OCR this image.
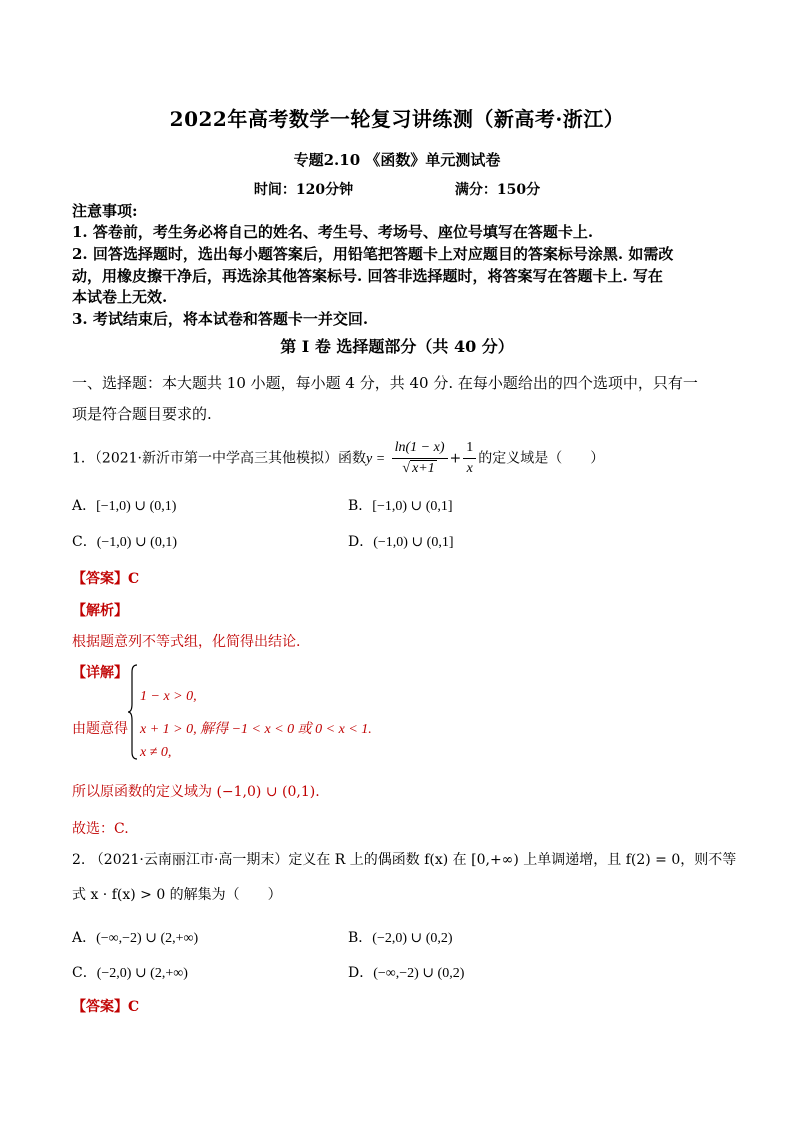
2022年高考数学一轮复习讲练测（新高考·浙江）
专题2.10 《函数》单元测试卷
时间：120分钟	满分：150分
注意事项:
1. 答卷前，考生务必将自己的姓名、考生号、考场号、座位号填写在答题卡上.
2. 回答选择题时，选出每小题答案后，用铅笔把答题卡上对应题目的答案标号涂黑. 如需改
动，用橡皮擦干净后，再选涂其他答案标号. 回答非选择题时，将答案写在答题卡上. 写在
本试卷上无效.
3. 考试结束后，将本试卷和答题卡一并交回.
第 I 卷 选择题部分（共 40 分）
一、选择题：本大题共 10 小题，每小题 4 分，共 40 分. 在每小题给出的四个选项中，只有一
项是符合题目要求的.
1．（2021·新沂市第一中学高三其他模拟）函数$y = \frac{\ln(1 - x)}{√ x+1} + \frac{1}{x}$ 的定义域是（　　）
A．[−1,0) ∪ (0,1)	B．[−1,0) ∪ (0,1]
C．(−1,0) ∪ (0,1)	D．(−1,0) ∪ (0,1]
【答案】C
【解析】
根据题意列不等式组，化简得出结论.
【详解】
由题意得
1 − x > 0,
x + 1 > 0, 解得 −1 < x < 0 或 0 < x < 1.
x ≠ 0,
所以原函数的定义域为 (−1,0) ∪ (0,1).
故选：C.
2. （2021·云南丽江市·高一期末）定义在 R 上的偶函数 f(x) 在 [0,+∞) 上单调递增，且 f(2) = 0，则不等
式 x · f(x) > 0 的解集为（　　）
A．(−∞,−2) ∪ (2,+∞)	B．(−2,0) ∪ (0,2)
C．(−2,0) ∪ (2,+∞)	D．(−∞,−2) ∪ (0,2)
【答案】C
